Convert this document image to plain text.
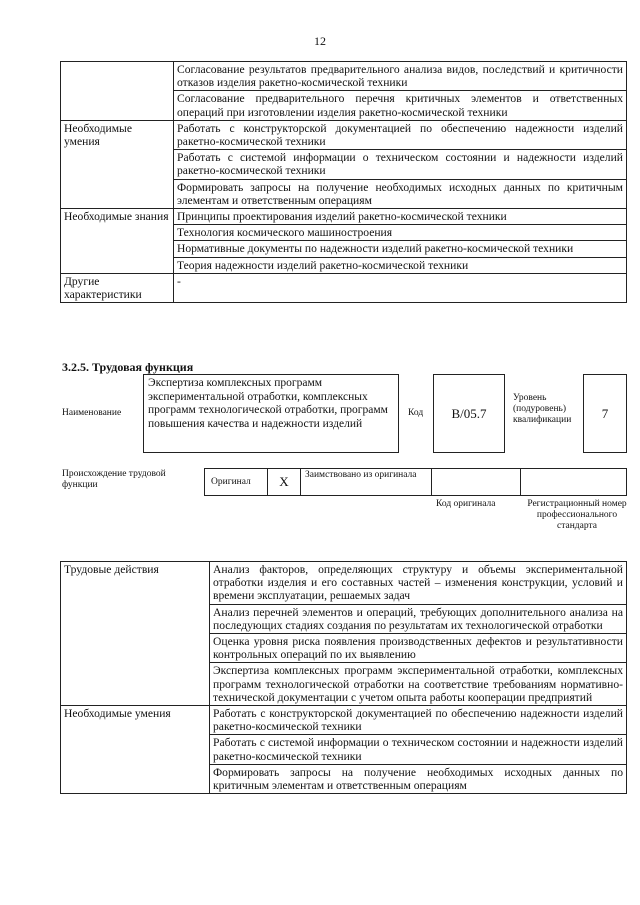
12
	Согласование результатов предварительного анализа видов, последствий и критичности отказов изделия ракетно-космической техники
	Согласование предварительного перечня критичных элементов и ответственных операций при изготовлении изделия ракетно-космической техники
Необходимые умения	Работать с конструкторской документацией по обеспечению надежности изделий ракетно-космической техники
	Работать с системой информации о техническом состоянии и надежности изделий ракетно-космической техники
	Формировать запросы на получение необходимых исходных данных по критичным элементам и ответственным операциям
Необходимые знания	Принципы проектирования изделий ракетно-космической техники
	Технология космического машиностроения
	Нормативные документы по надежности изделий ракетно-космической техники
	Теория надежности изделий ракетно-космической техники
Другие характеристики	-
3.2.5. Трудовая функция
Наименование
Экспертиза комплексных программ экспериментальной отработки, комплексных программ технологической отработки, программ повышения качества и надежности изделий
Код	B/05.7
Уровень (подуровень) квалификации	7
Происхождение трудовой функции	Оригинал	X	Заимствовано из оригинала
Код оригинала	Регистрационный номер профессионального стандарта
Трудовые действия	Анализ факторов, определяющих структуру и объемы экспериментальной отработки изделия и его составных частей – изменения конструкции, условий и времени эксплуатации, решаемых задач
	Анализ перечней элементов и операций, требующих дополнительного анализа на последующих стадиях создания по результатам их технологической отработки
	Оценка уровня риска появления производственных дефектов и результативности контрольных операций по их выявлению
	Экспертиза комплексных программ экспериментальной отработки, комплексных программ технологической отработки на соответствие требованиям нормативно-технической документации с учетом опыта работы кооперации предприятий
Необходимые умения	Работать с конструкторской документацией по обеспечению надежности изделий ракетно-космической техники
	Работать с системой информации о техническом состоянии и надежности изделий ракетно-космической техники
	Формировать запросы на получение необходимых исходных данных по критичным элементам и ответственным операциям
